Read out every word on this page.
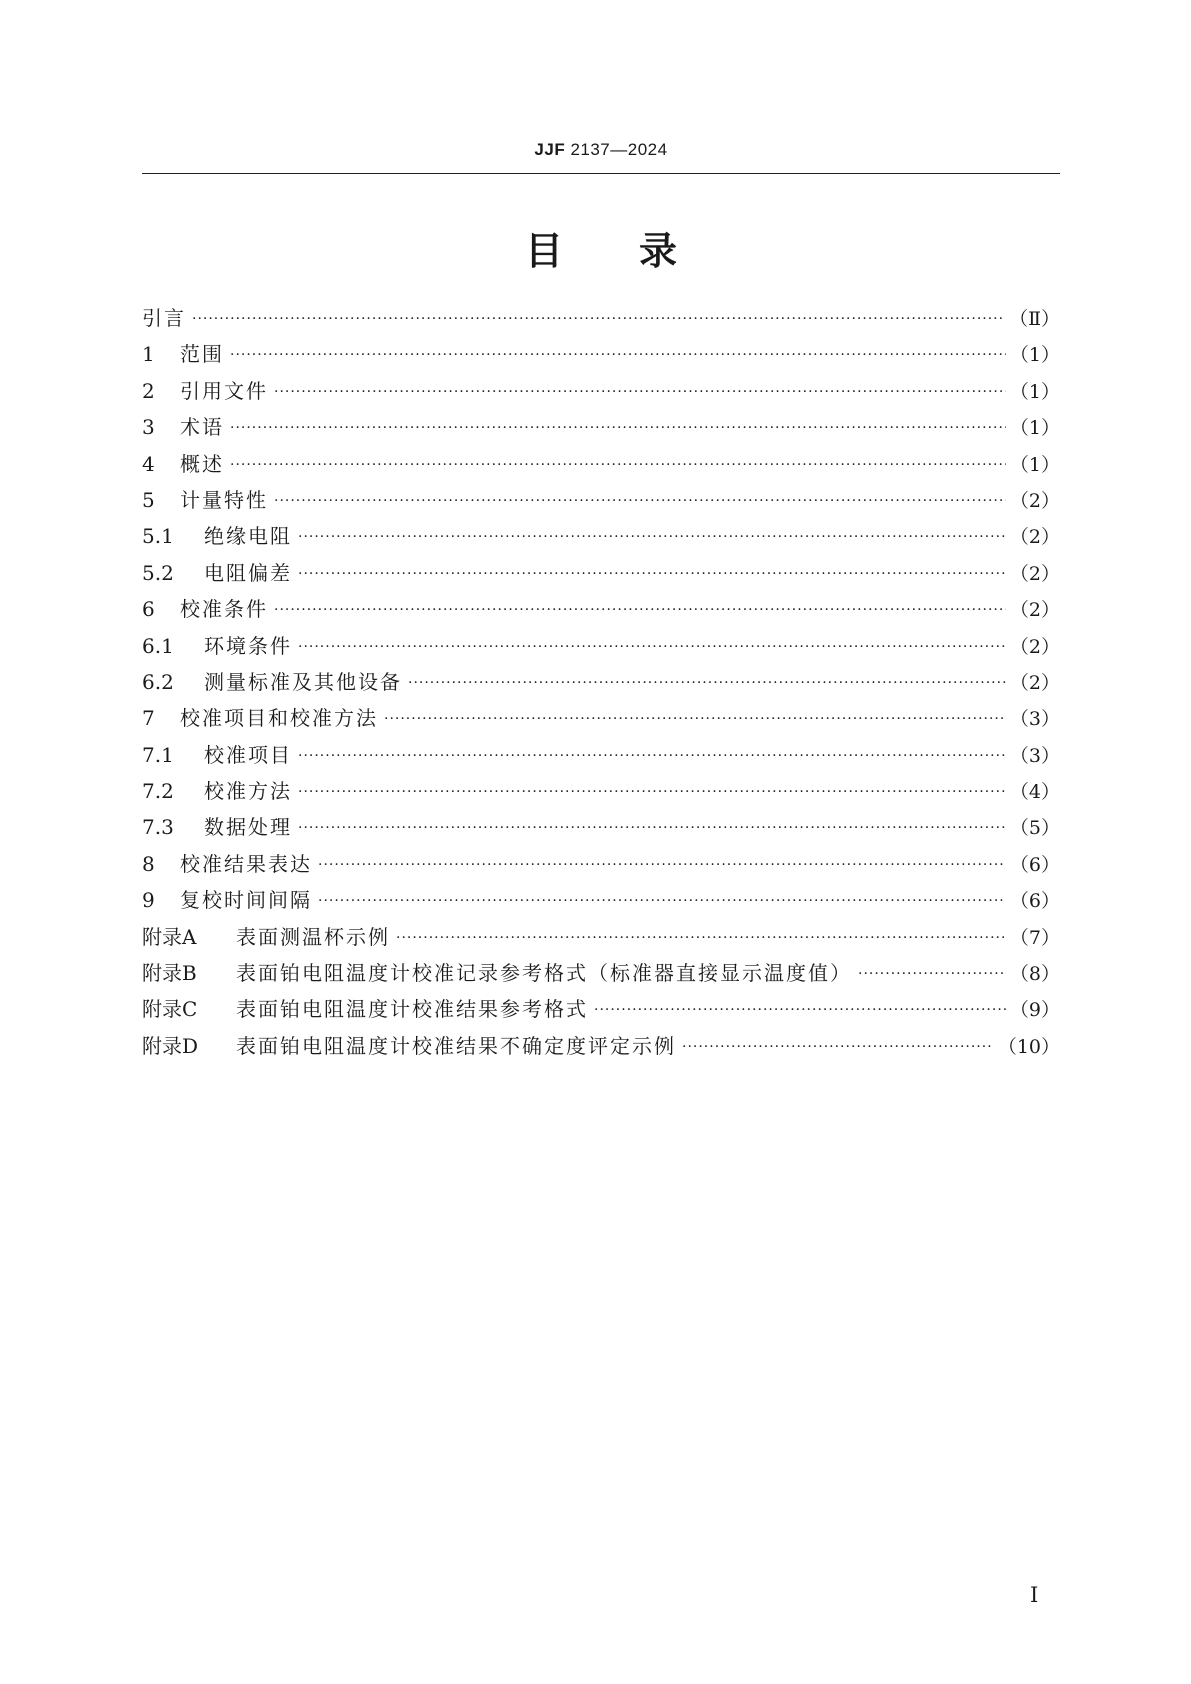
JJF 2137—2024
目录
引言 ·····	（Ⅱ）
1	范围 ·····	（1）
2	引用文件 ·····	（1）
3	术语 ·····	（1）
4	概述 ·····	（1）
5	计量特性 ·····	（2）
5.1	绝缘电阻 ·····	（2）
5.2	电阻偏差 ·····	（2）
6	校准条件 ·····	（2）
6.1	环境条件 ·····	（2）
6.2	测量标准及其他设备 ·····	（2）
7	校准项目和校准方法 ·····	（3）
7.1	校准项目 ·····	（3）
7.2	校准方法 ·····	（4）
7.3	数据处理 ·····	（5）
8	校准结果表达 ·····	（6）
9	复校时间间隔 ·····	（6）
附录A	表面测温杯示例 ·····	（7）
附录B	表面铂电阻温度计校准记录参考格式（标准器直接显示温度值） ·····	（8）
附录C	表面铂电阻温度计校准结果参考格式 ·····	（9）
附录D	表面铂电阻温度计校准结果不确定度评定示例 ·····	（10）
Ⅰ
